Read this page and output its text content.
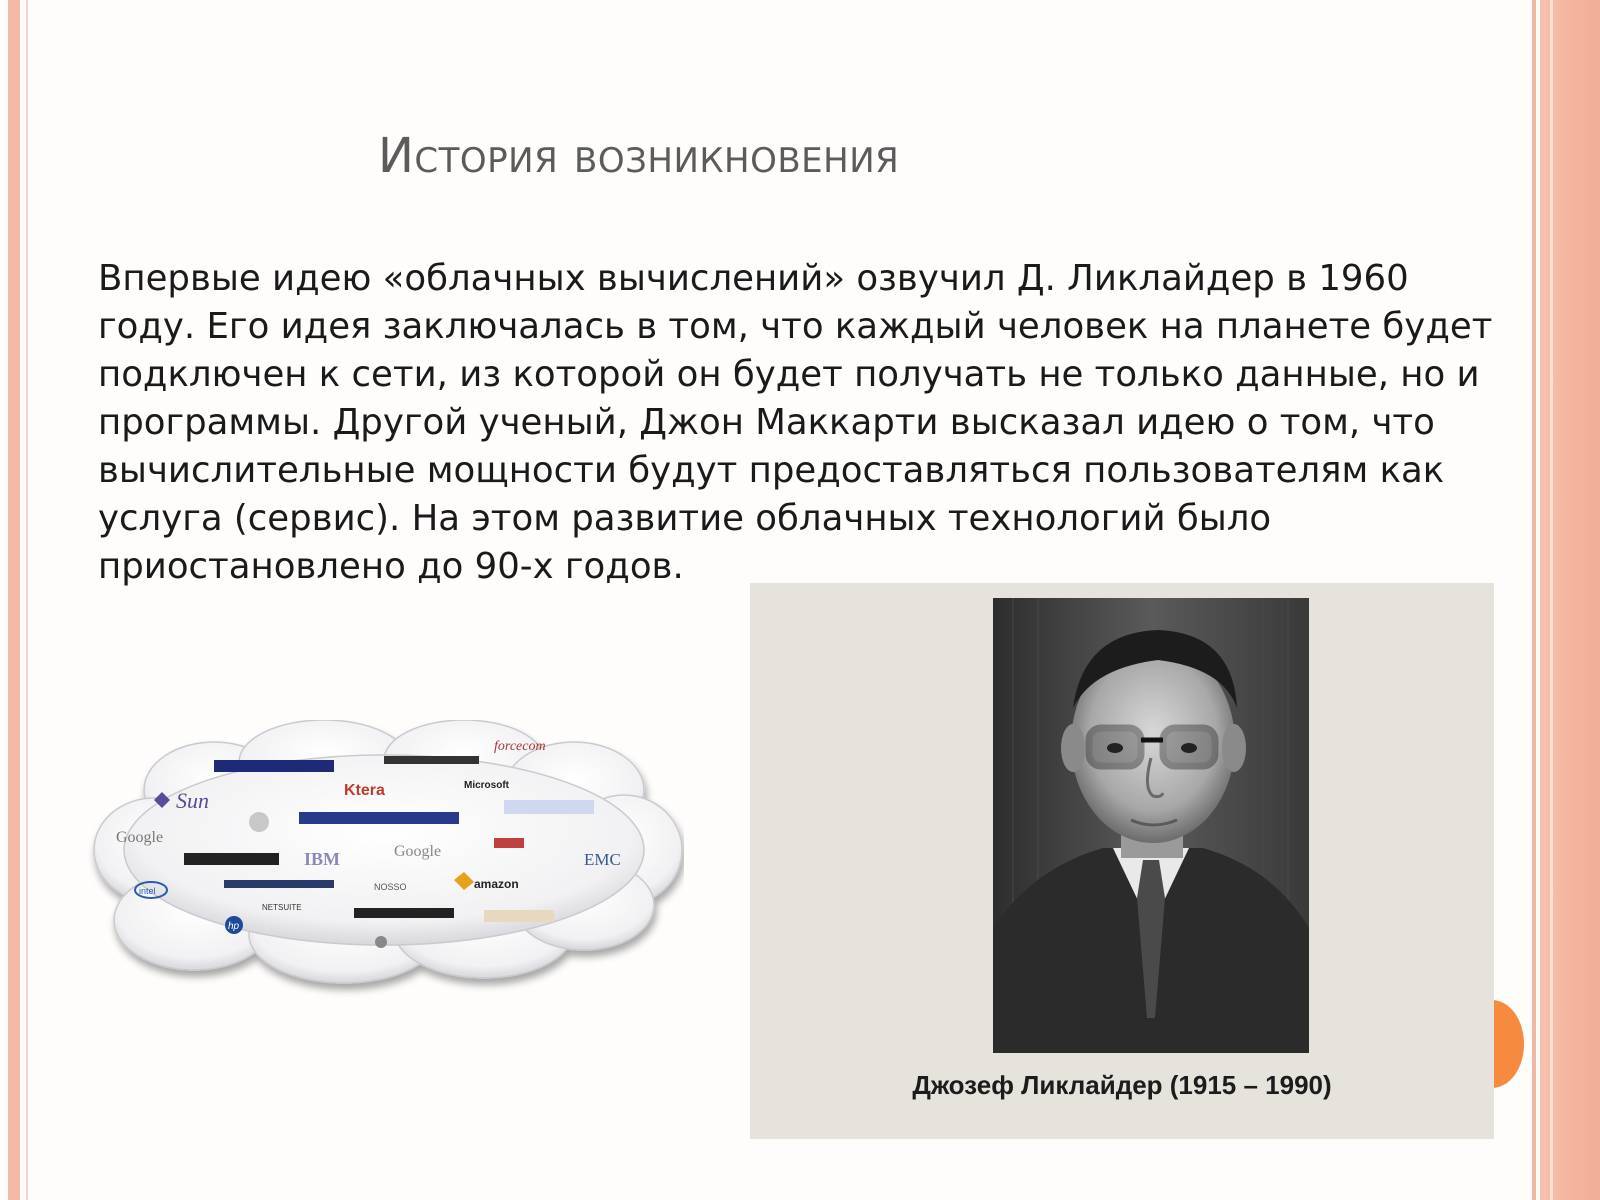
История возникновения

Впервые идею «облачных вычислений» озвучил Д. Ликлайдер в 1960 году. Его идея заключалась в том, что каждый человек на планете будет подключен к сети, из которой он будет получать не только данные, но и программы. Другой ученый, Джон Маккарти высказал идею о том, что вычислительные мощности будут предоставляться пользователям как услуга (сервис). На этом развитие облачных технологий было приостановлено до 90-х годов.

forcecom
Ktera	Microsoft
Sun
Google
IBM	Google	EMC
intel	NOSSO	amazon
NETSUITE
hp
Джозеф Ликлайдер (1915 – 1990)
